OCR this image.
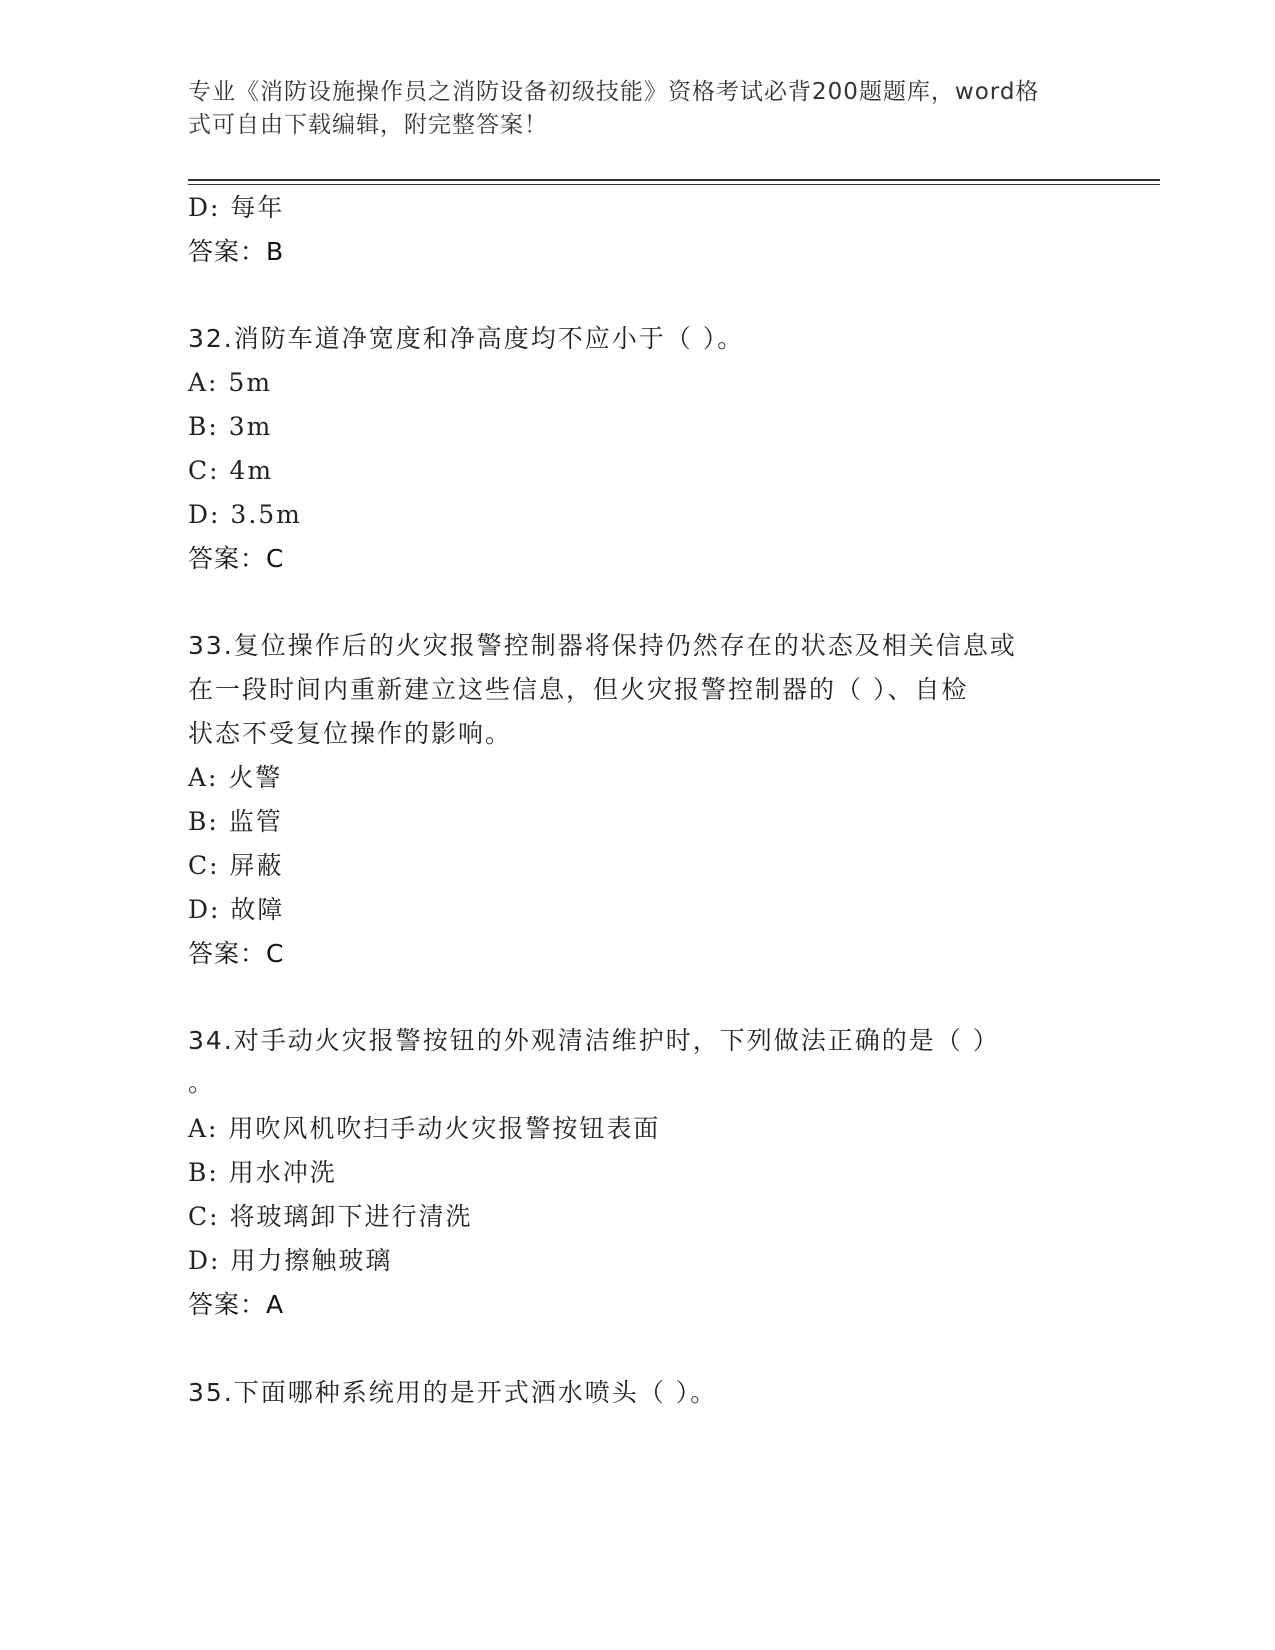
专业《消防设施操作员之消防设备初级技能》资格考试必背200题题库，word格
式可自由下载编辑，附完整答案！
D: 每年
答案：B
32.消防车道净宽度和净高度均不应小于（ ）。
A: 5m
B: 3m
C: 4m
D: 3.5m
答案：C
33.复位操作后的火灾报警控制器将保持仍然存在的状态及相关信息或
在一段时间内重新建立这些信息，但火灾报警控制器的（ ）、自检
状态不受复位操作的影响。
A: 火警
B: 监管
C: 屏蔽
D: 故障
答案：C
34.对手动火灾报警按钮的外观清洁维护时，下列做法正确的是（ ）
。
A: 用吹风机吹扫手动火灾报警按钮表面
B: 用水冲洗
C: 将玻璃卸下进行清洗
D: 用力擦触玻璃
答案：A
35.下面哪种系统用的是开式洒水喷头（ ）。
